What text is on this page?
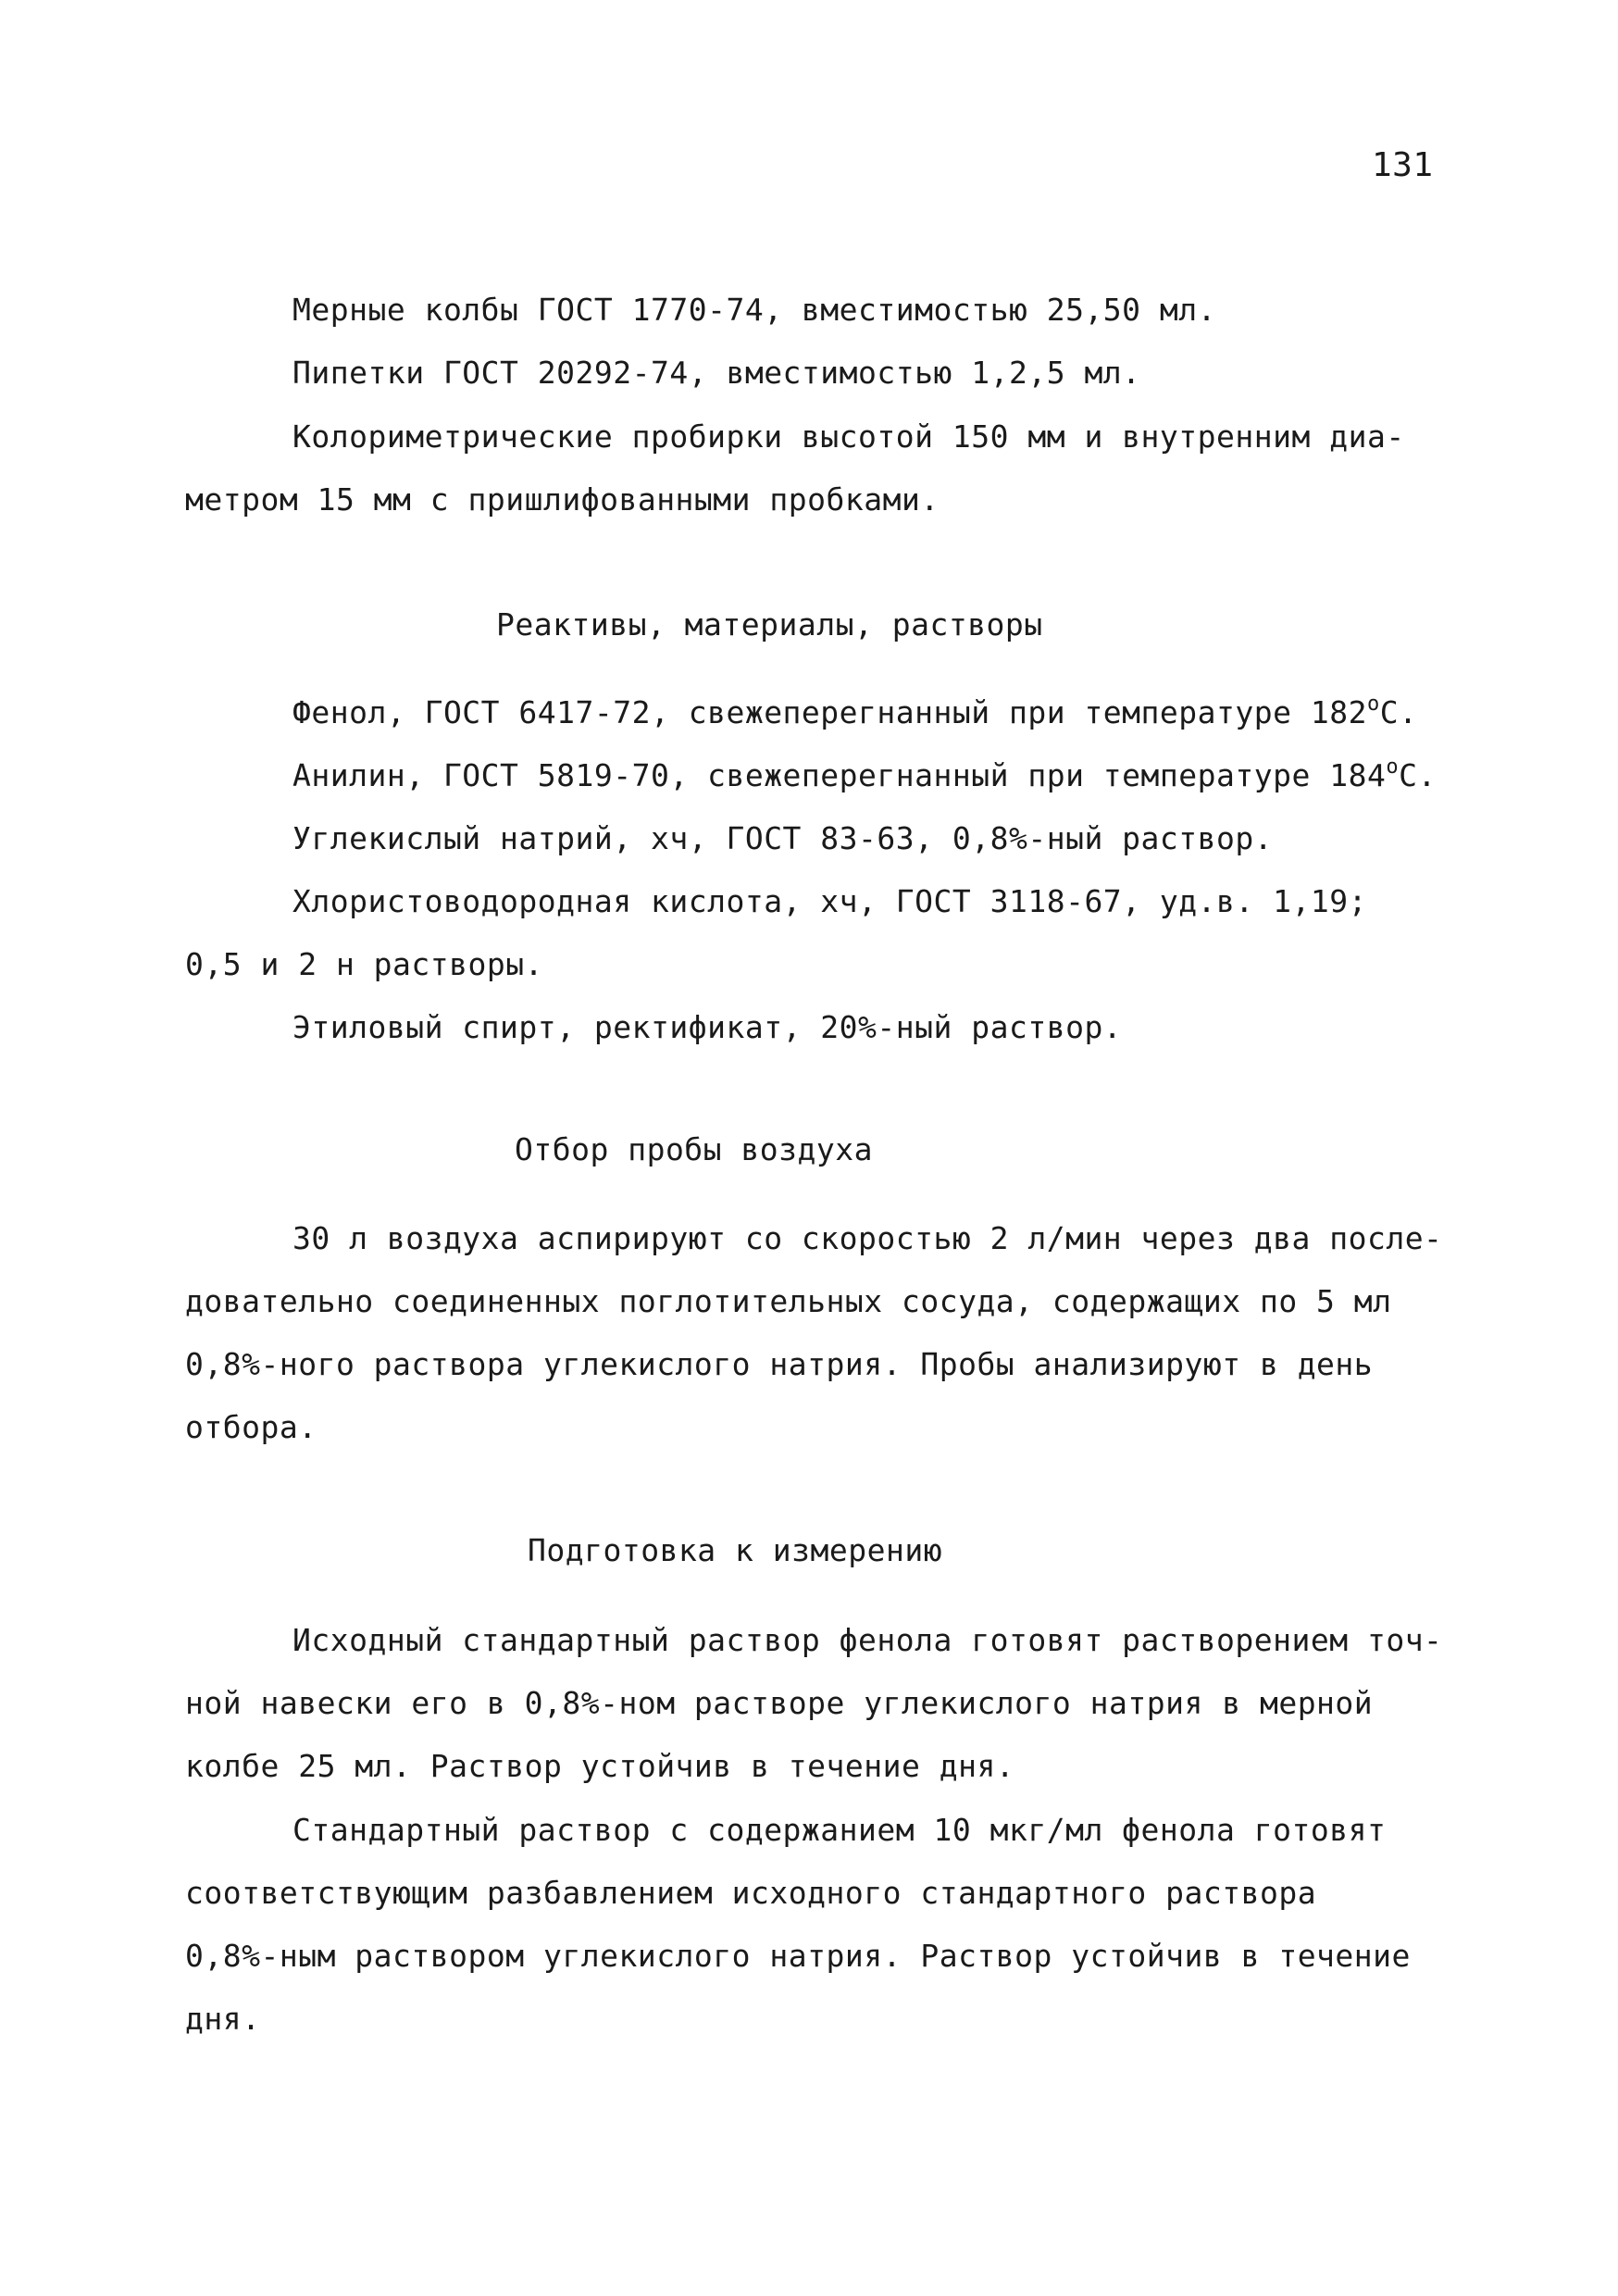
131
Мерные колбы ГОСТ 1770-74, вместимостью 25,50 мл.
Пипетки ГОСТ 20292-74, вместимостью 1,2,5 мл.
Колориметрические пробирки высотой 150 мм и внутренним диа-
метром 15 мм с пришлифованными пробками.
Реактивы, материалы, растворы
Фенол, ГОСТ 6417-72, свежеперегнанный при температуре $182^оС$.
Анилин, ГОСТ 5819-70, свежеперегнанный при температуре $184^оС$.
Углекислый натрий, хч, ГОСТ 83-63, 0,8%-ный раствор.
Хлористоводородная кислота, хч, ГОСТ 3118-67, уд.в. 1,19;
0,5 и 2 н растворы.
Этиловый спирт, ректификат, 20%-ный раствор.
Отбор пробы воздуха
30 л воздуха аспирируют со скоростью 2 л/мин через два после-
довательно соединенных поглотительных сосуда, содержащих по 5 мл
0,8%-ного раствора углекислого натрия. Пробы анализируют в день
отбора.
Подготовка к измерению
Исходный стандартный раствор фенола готовят растворением точ-
ной навески его в 0,8%-ном растворе углекислого натрия в мерной
колбе 25 мл. Раствор устойчив в течение дня.
Стандартный раствор с содержанием 10 мкг/мл фенола готовят
соответствующим разбавлением исходного стандартного раствора
0,8%-ным раствором углекислого натрия. Раствор устойчив в течение
дня.
